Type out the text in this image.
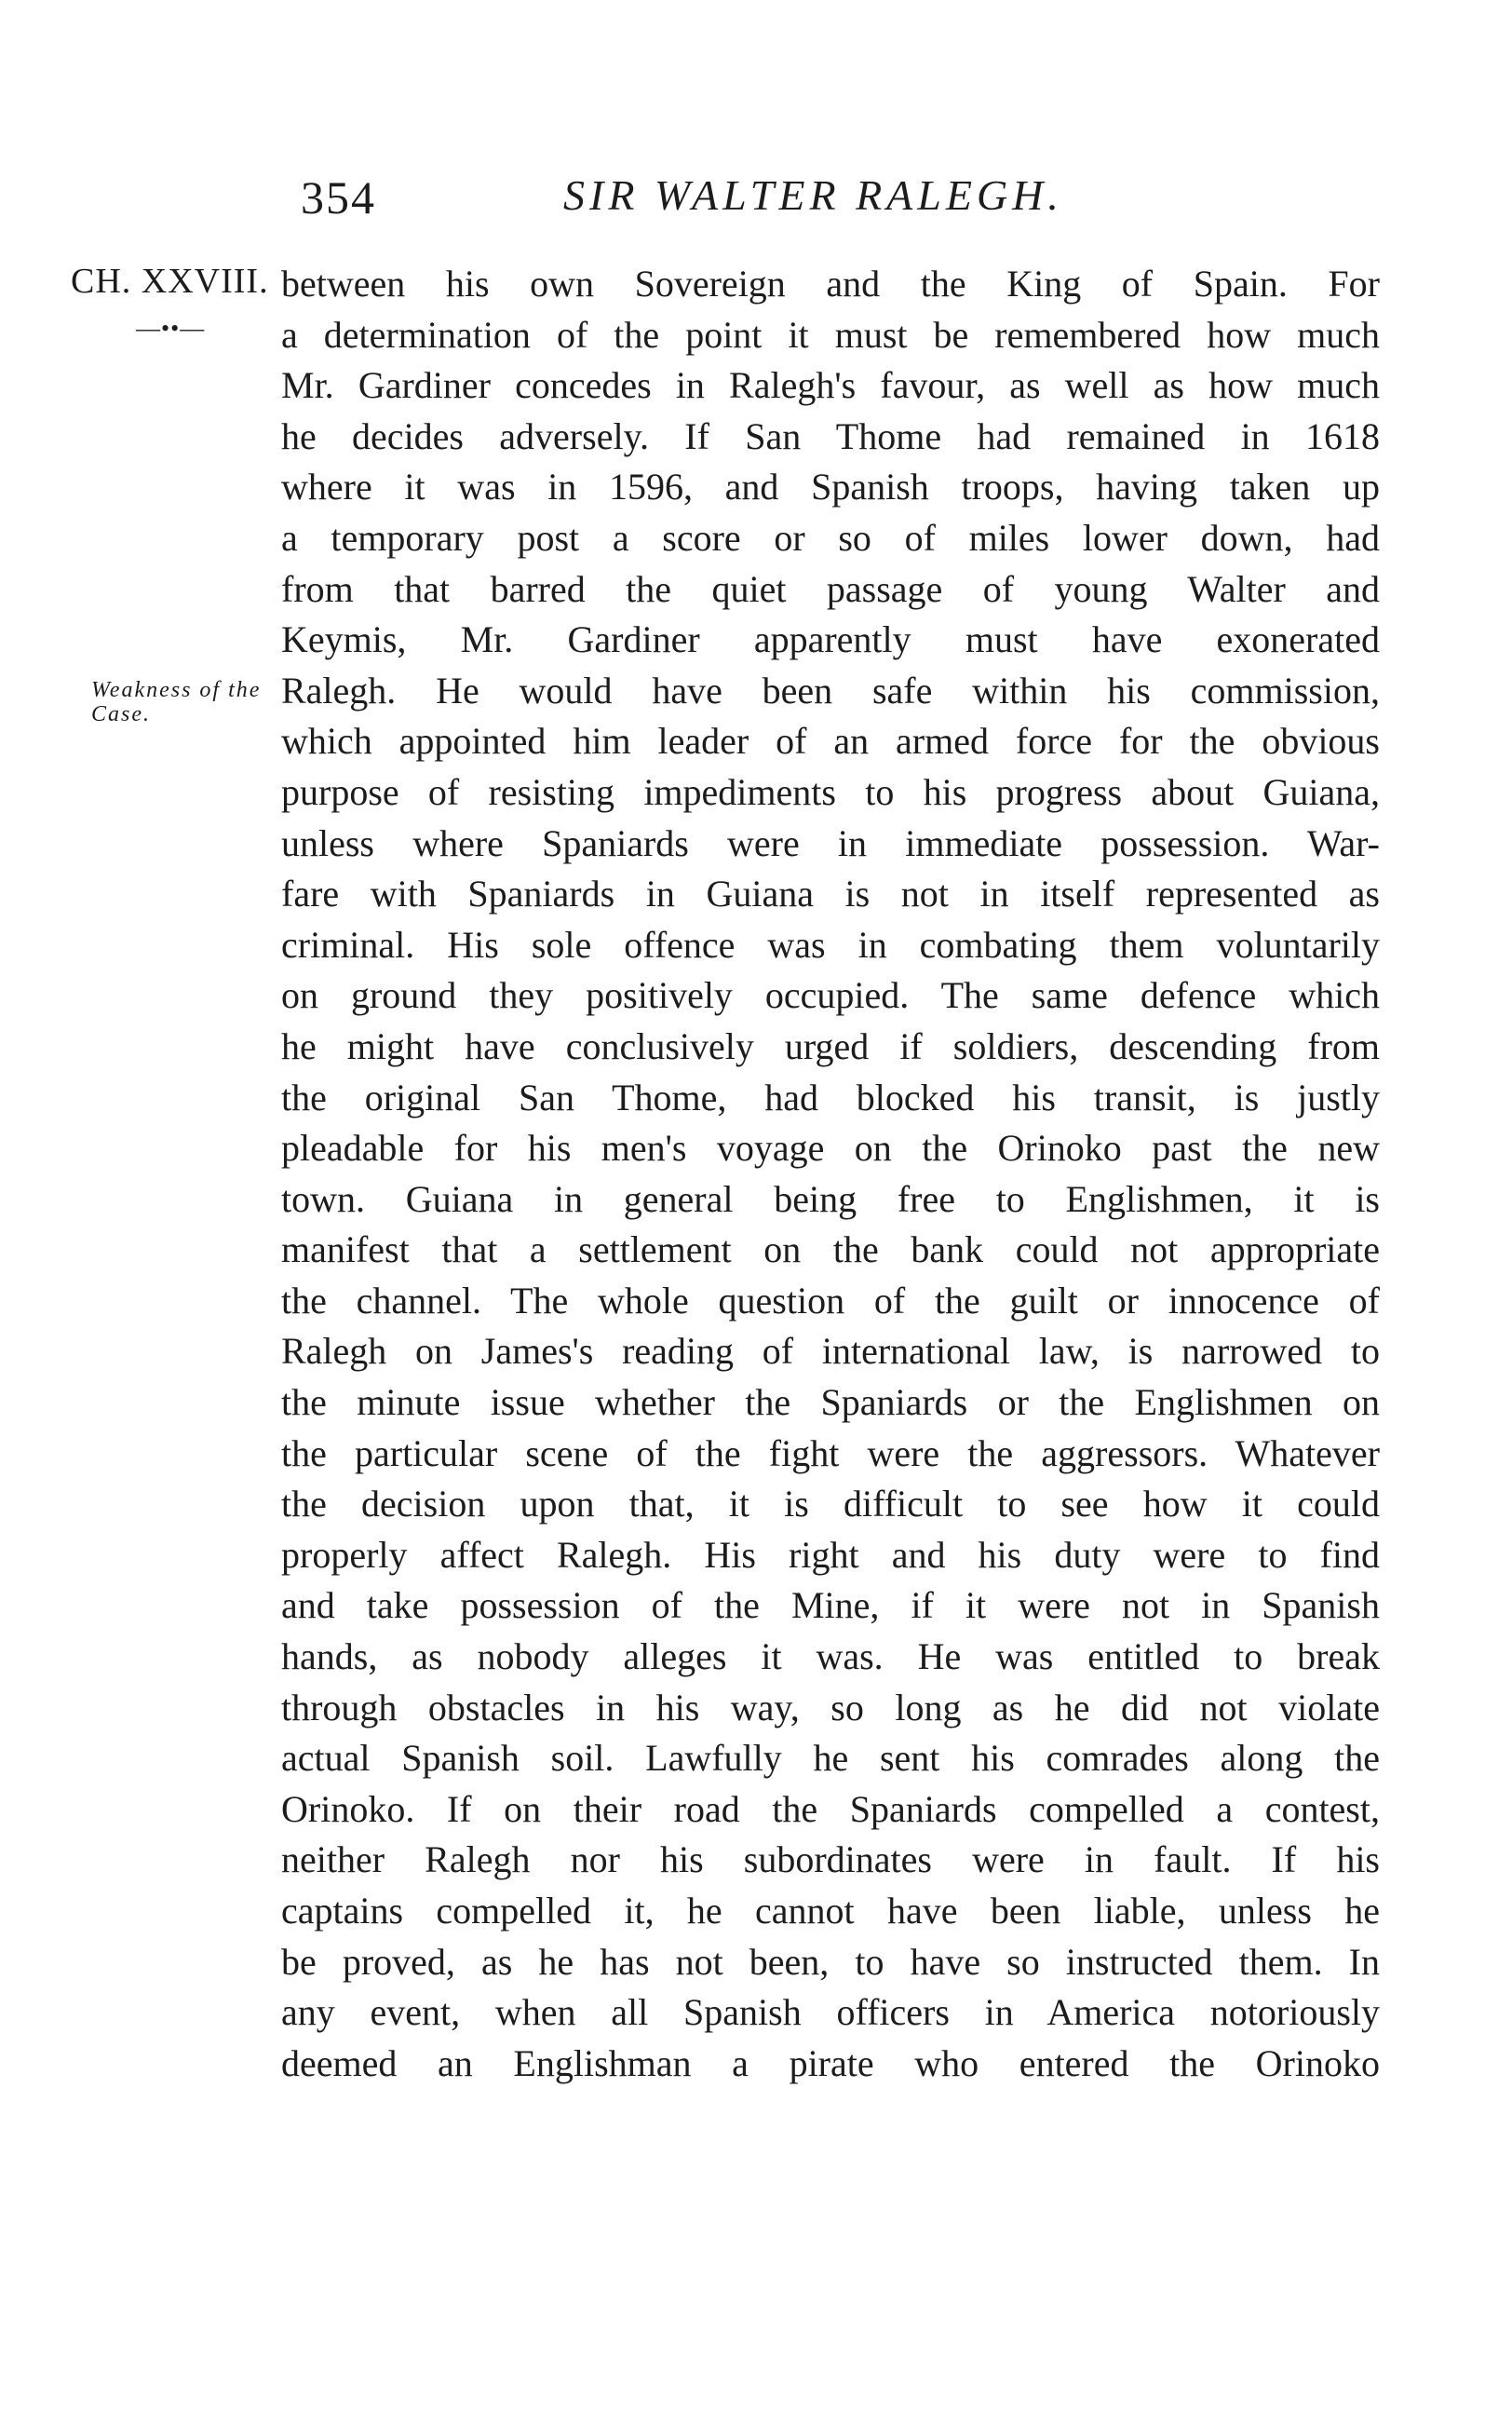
354	SIR WALTER RALEGH.
CH. XXVIII.
—••—
Weakness of the Case.
between his own Sovereign and the King of Spain. For
a determination of the point it must be remembered how much
Mr. Gardiner concedes in Ralegh's favour, as well as how much
he decides adversely. If San Thome had remained in 1618
where it was in 1596, and Spanish troops, having taken up
a temporary post a score or so of miles lower down, had
from that barred the quiet passage of young Walter and
Keymis, Mr. Gardiner apparently must have exonerated
Ralegh. He would have been safe within his commission,
which appointed him leader of an armed force for the obvious
purpose of resisting impediments to his progress about Guiana,
unless where Spaniards were in immediate possession. War-
fare with Spaniards in Guiana is not in itself represented as
criminal. His sole offence was in combating them voluntarily
on ground they positively occupied. The same defence which
he might have conclusively urged if soldiers, descending from
the original San Thome, had blocked his transit, is justly
pleadable for his men's voyage on the Orinoko past the new
town. Guiana in general being free to Englishmen, it is
manifest that a settlement on the bank could not appropriate
the channel. The whole question of the guilt or innocence of
Ralegh on James's reading of international law, is narrowed to
the minute issue whether the Spaniards or the Englishmen on
the particular scene of the fight were the aggressors. Whatever
the decision upon that, it is difficult to see how it could
properly affect Ralegh. His right and his duty were to find
and take possession of the Mine, if it were not in Spanish
hands, as nobody alleges it was. He was entitled to break
through obstacles in his way, so long as he did not violate
actual Spanish soil. Lawfully he sent his comrades along the
Orinoko. If on their road the Spaniards compelled a contest,
neither Ralegh nor his subordinates were in fault. If his
captains compelled it, he cannot have been liable, unless he
be proved, as he has not been, to have so instructed them. In
any event, when all Spanish officers in America notoriously
deemed an Englishman a pirate who entered the Orinoko
